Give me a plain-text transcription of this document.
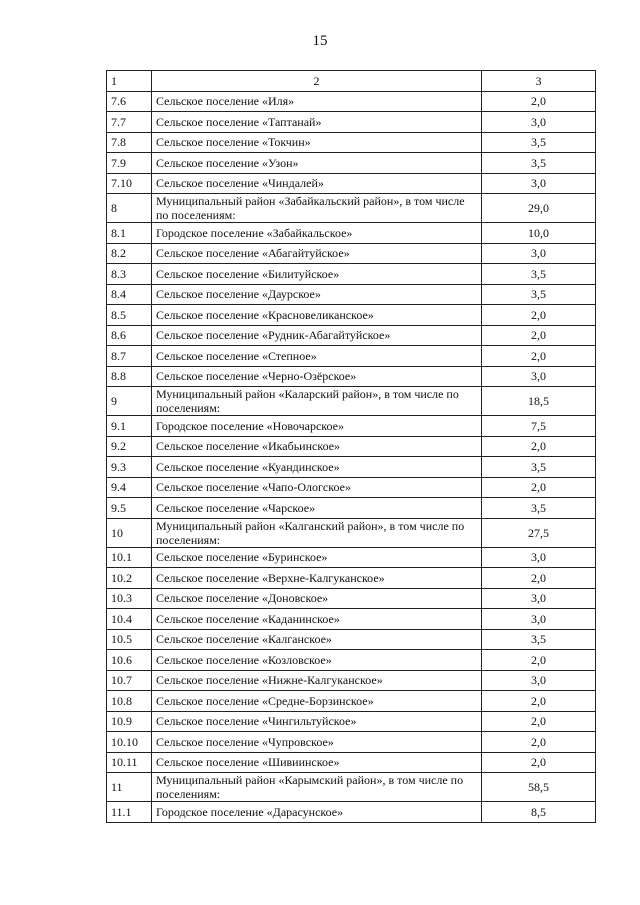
15
1	2	3
7.6	Сельское поселение «Иля»	2,0
7.7	Сельское поселение «Таптанай»	3,0
7.8	Сельское поселение «Токчин»	3,5
7.9	Сельское поселение «Узон»	3,5
7.10	Сельское поселение «Чиндалей»	3,0
8	Муниципальный район «Забайкальский район», в том числе по поселениям:	29,0
8.1	Городское поселение «Забайкальское»	10,0
8.2	Сельское поселение «Абагайтуйское»	3,0
8.3	Сельское поселение «Билитуйское»	3,5
8.4	Сельское поселение «Даурское»	3,5
8.5	Сельское поселение «Красновеликанское»	2,0
8.6	Сельское поселение «Рудник-Абагайтуйское»	2,0
8.7	Сельское поселение «Степное»	2,0
8.8	Сельское поселение «Черно-Озёрское»	3,0
9	Муниципальный район «Каларский район», в том числе по поселениям:	18,5
9.1	Городское поселение «Новочарское»	7,5
9.2	Сельское поселение «Икабьинское»	2,0
9.3	Сельское поселение «Куандинское»	3,5
9.4	Сельское поселение «Чапо-Ологское»	2,0
9.5	Сельское поселение «Чарское»	3,5
10	Муниципальный район «Калганский район», в том числе по поселениям:	27,5
10.1	Сельское поселение «Буринское»	3,0
10.2	Сельское поселение «Верхне-Калгуканское»	2,0
10.3	Сельское поселение «Доновское»	3,0
10.4	Сельское поселение «Каданинское»	3,0
10.5	Сельское поселение «Калганское»	3,5
10.6	Сельское поселение «Козловское»	2,0
10.7	Сельское поселение «Нижне-Калгуканское»	3,0
10.8	Сельское поселение «Средне-Борзинское»	2,0
10.9	Сельское поселение «Чингильтуйское»	2,0
10.10	Сельское поселение «Чупровское»	2,0
10.11	Сельское поселение «Шивиинское»	2,0
11	Муниципальный район «Карымский район», в том числе по поселениям:	58,5
11.1	Городское поселение «Дарасунское»	8,5
